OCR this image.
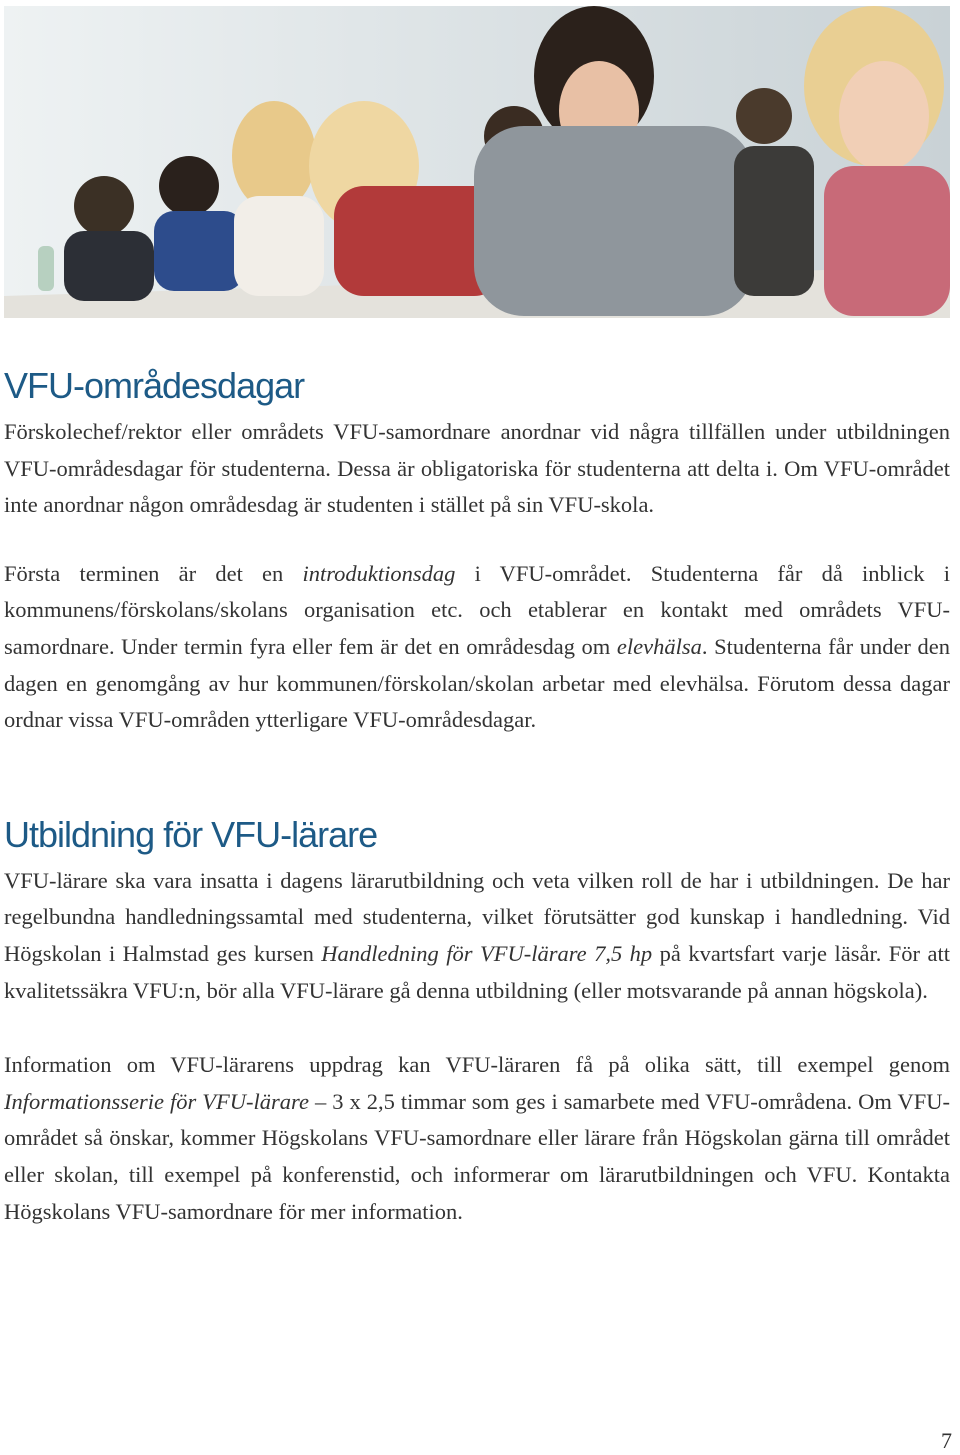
VFU-områdesdagar

Förskolechef/rektor eller områdets VFU-samordnare anordnar vid några tillfällen under utbildningen VFU-områdesdagar för studenterna. Dessa är obligatoriska för studenterna att delta i. Om VFU-området inte anordnar någon områdesdag är studenten i stället på sin VFU-skola.

Första terminen är det en introduktionsdag i VFU-området. Studenterna får då inblick i kommunens/förskolans/skolans organisation etc. och etablerar en kontakt med områdets VFU-samordnare. Under termin fyra eller fem är det en områdesdag om elevhälsa. Studenterna får under den dagen en genomgång av hur kommunen/förskolan/skolan arbetar med elevhälsa. Förutom dessa dagar ordnar vissa VFU-områden ytterligare VFU-områdesdagar.

Utbildning för VFU-lärare

VFU-lärare ska vara insatta i dagens lärarutbildning och veta vilken roll de har i utbildningen. De har regelbundna handledningssamtal med studenterna, vilket förutsätter god kunskap i handledning. Vid Högskolan i Halmstad ges kursen Handledning för VFU-lärare 7,5 hp på kvartsfart varje läsår. För att kvalitetssäkra VFU:n, bör alla VFU-lärare gå denna utbildning (eller motsvarande på annan högskola).

Information om VFU-lärarens uppdrag kan VFU-läraren få på olika sätt, till exempel genom Informationsserie för VFU-lärare – 3 x 2,5 timmar som ges i samarbete med VFU-områdena. Om VFU-området så önskar, kommer Högskolans VFU-samordnare eller lärare från Högskolan gärna till området eller skolan, till exempel på konferenstid, och informerar om lärarutbildningen och VFU. Kontakta Högskolans VFU-samordnare för mer information.

7
